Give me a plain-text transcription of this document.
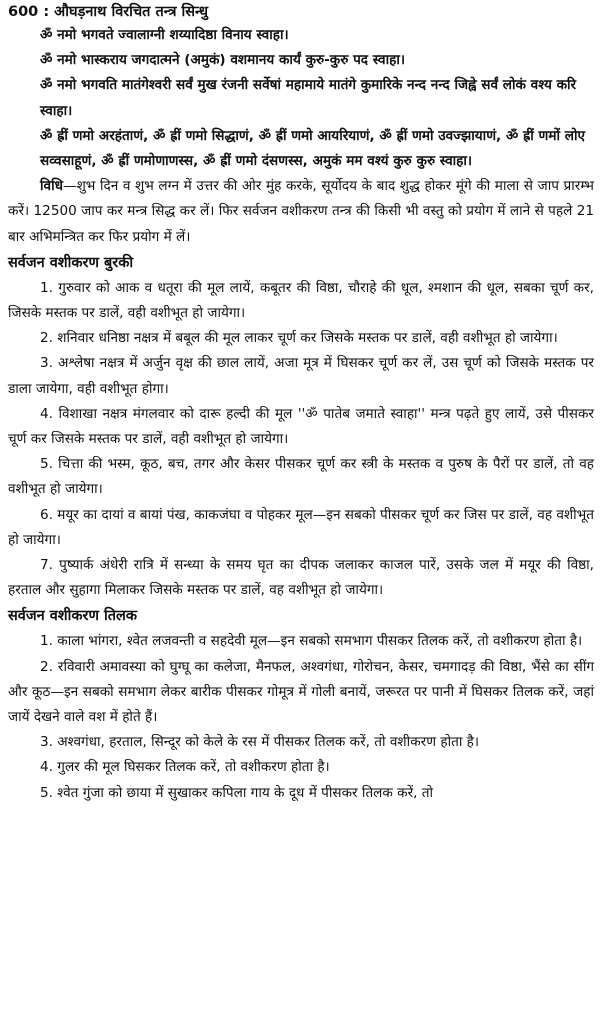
600 : औघड़नाथ विरचित तन्त्र सिन्धु

ॐ नमो भगवते ज्वालाग्नी शय्यादिष्ठा विनाय स्वाहा।

ॐ नमो भास्कराय जगदात्मने (अमुकं) वशमानय कार्यं कुरु-कुरु पद स्वाहा।

ॐ नमो भगवति मातंगेश्वरी सर्वं मुख रंजनी सर्वेषां महामाये मातंगे कुमारिके नन्द नन्द जिह्वे सर्वं लोकं वश्य करि स्वाहा।

ॐ ह्रीं णमो अरहंताणं, ॐ ह्रीं णमो सिद्धाणं, ॐ ह्रीं णमो आयरियाणं, ॐ ह्रीं णमो उवज्झायाणं, ॐ ह्रीं णमों लोए सव्वसाहूणं, ॐ ह्रीं णमोणाणस्स, ॐ ह्रीं णमो दंसणस्स, अमुकं मम वश्यं कुरु कुरु स्वाहा।

विधि—शुभ दिन व शुभ लग्न में उत्तर की ओर मुंह करके, सूर्योदय के बाद शुद्ध होकर मूंगे की माला से जाप प्रारम्भ करें। 12500 जाप कर मन्त्र सिद्ध कर लें। फिर सर्वजन वशीकरण तन्त्र की किसी भी वस्तु को प्रयोग में लाने से पहले 21 बार अभिमन्त्रित कर फिर प्रयोग में लें।

सर्वजन वशीकरण बुरकी

1. गुरुवार को आक व धतूरा की मूल लायें, कबूतर की विष्ठा, चौराहे की धूल, श्मशान की धूल, सबका चूर्ण कर, जिसके मस्तक पर डालें, वही वशीभूत हो जायेगा।

2. शनिवार धनिष्ठा नक्षत्र में बबूल की मूल लाकर चूर्ण कर जिसके मस्तक पर डालें, वही वशीभूत हो जायेगा।

3. अश्लेषा नक्षत्र में अर्जुन वृक्ष की छाल लायें, अजा मूत्र में घिसकर चूर्ण कर लें, उस चूर्ण को जिसके मस्तक पर डाला जायेगा, वही वशीभूत होगा।

4. विशाखा नक्षत्र मंगलवार को दारू हल्दी की मूल ''ॐ पातेब जमाते स्वाहा'' मन्त्र पढ़ते हुए लायें, उसे पीसकर चूर्ण कर जिसके मस्तक पर डालें, वही वशीभूत हो जायेगा।

5. चित्ता की भस्म, कूठ, बच, तगर और केसर पीसकर चूर्ण कर स्त्री के मस्तक व पुरुष के पैरों पर डालें, तो वह वशीभूत हो जायेगा।

6. मयूर का दायां व बायां पंख, काकजंघा व पोहकर मूल—इन सबको पीसकर चूर्ण कर जिस पर डालें, वह वशीभूत हो जायेगा।

7. पुष्यार्क अंधेरी रात्रि में सन्ध्या के समय घृत का दीपक जलाकर काजल पारें, उसके जल में मयूर की विष्ठा, हरताल और सुहागा मिलाकर जिसके मस्तक पर डालें, वह वशीभूत हो जायेगा।

सर्वजन वशीकरण तिलक

1. काला भांगरा, श्वेत लजवन्ती व सहदेवी मूल—इन सबको समभाग पीसकर तिलक करें, तो वशीकरण होता है।

2. रविवारी अमावस्या को घुग्घू का कलेजा, मैनफल, अश्वगंधा, गोरोचन, केसर, चमगादड़ की विष्ठा, भैंसे का सींग और कूठ—इन सबको समभाग लेकर बारीक पीसकर गोमूत्र में गोली बनायें, जरूरत पर पानी में घिसकर तिलक करें, जहां जायें देखने वाले वश में होते हैं।

3. अश्वगंधा, हरताल, सिन्दूर को केले के रस में पीसकर तिलक करें, तो वशीकरण होता है।

4. गुलर की मूल घिसकर तिलक करें, तो वशीकरण होता है।

5. श्वेत गुंजा को छाया में सुखाकर कपिला गाय के दूध में पीसकर तिलक करें, तो
